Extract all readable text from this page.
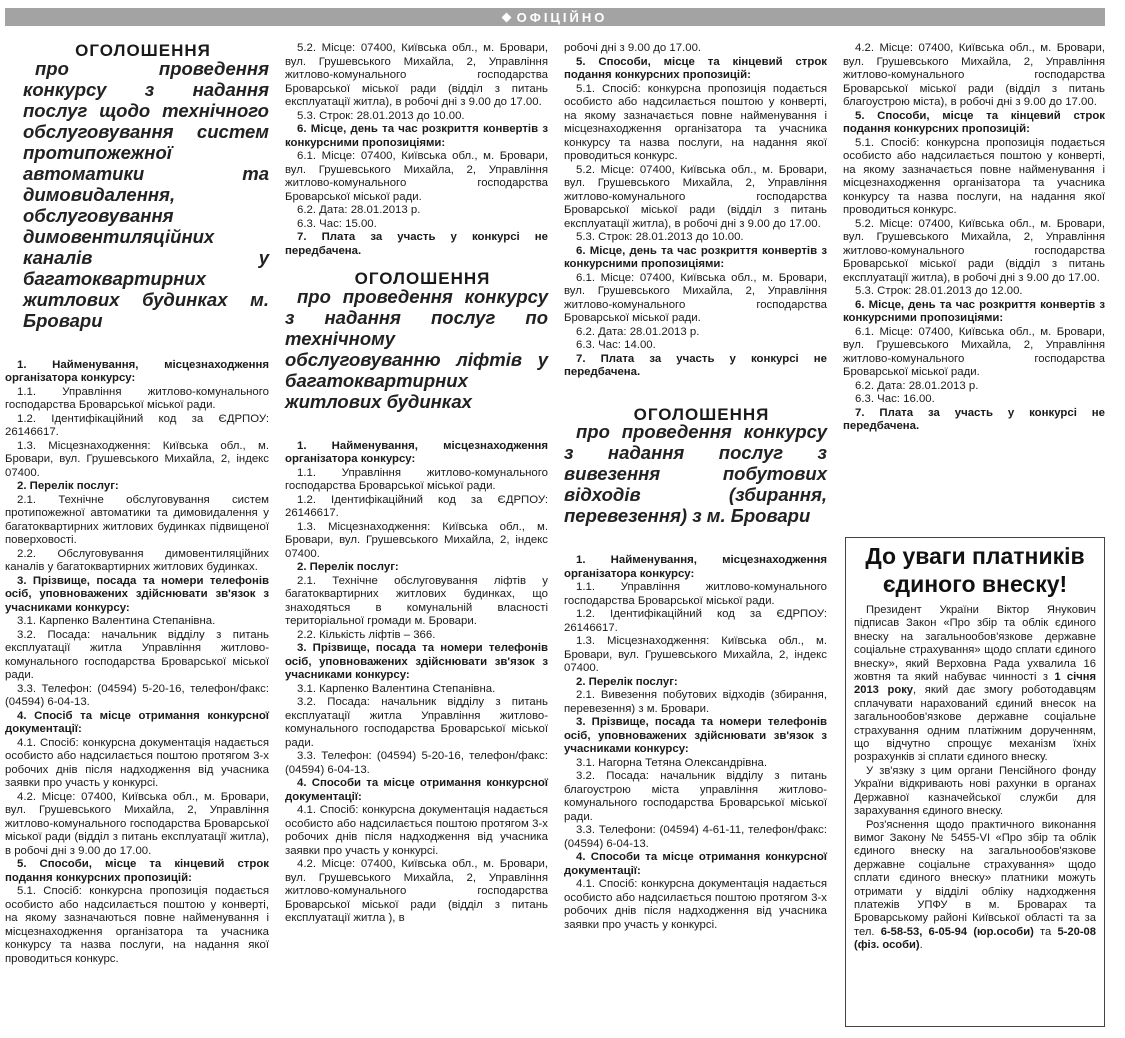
ОФІЦІЙНО

ОГОЛОШЕННЯ

про проведення конкурсу з надання послуг щодо технічного обслуговування систем протипожежної автоматики та димовидалення, обслуговування димовентиляційних каналів у багатоквартирних житлових будинках м. Бровари

1. Найменування, місцезнаходження організатора конкурсу:

1.1. Управління житлово-комунального господарства Броварської міської ради.

1.2. Ідентифікаційний код за ЄДРПОУ: 26146617.

1.3. Місцезнаходження: Київська обл., м. Бровари, вул. Грушевського Михайла, 2, індекс 07400.

2. Перелік послуг:

2.1. Технічне обслуговування систем протипожежної автоматики та димовидалення у багатоквартирних житлових будинках підвищеної поверховості.

2.2. Обслуговування димовентиляційних каналів у багатоквартирних житлових будинках.

3. Прізвище, посада та номери телефонів осіб, уповноважених здійснювати зв'язок з учасниками конкурсу:

3.1. Карпенко Валентина Степанівна.

3.2. Посада: начальник відділу з питань експлуатації житла Управління житлово-комунального господарства Броварської міської ради.

3.3. Телефон: (04594) 5-20-16, телефон/факс: (04594) 6-04-13.

4. Спосіб та місце отримання конкурсної документації:

4.1. Спосіб: конкурсна документація надається особисто або надсилається поштою протягом 3-х робочих днів після надходження від учасника заявки про участь у конкурсі.

4.2. Місце: 07400, Київська обл., м. Бровари, вул. Грушевського Михайла, 2, Управління житлово-комунального господарства Броварської міської ради (відділ з питань експлуатації житла), в робочі дні з 9.00 до 17.00.

5. Способи, місце та кінцевий строк подання конкурсних пропозицій:

5.1. Спосіб: конкурсна пропозиція подається особисто або надсилається поштою у конверті, на якому зазначаються повне найменування і місцезнаходження організатора та учасника конкурсу та назва послуги, на надання якої проводиться конкурс.

5.2. Місце: 07400, Київська обл., м. Бровари, вул. Грушевського Михайла, 2, Управління житлово-комунального господарства Броварської міської ради (відділ з питань експлуатації житла), в робочі дні з 9.00 до 17.00.

5.3. Строк: 28.01.2013 до 10.00.

6. Місце, день та час розкриття конвертів з конкурсними пропозиціями:

6.1. Місце: 07400, Київська обл., м. Бровари, вул. Грушевського Михайла, 2, Управління житлово-комунального господарства Броварської міської ради.

6.2. Дата: 28.01.2013 р.

6.3. Час: 15.00.

7. Плата за участь у конкурсі не передбачена.

ОГОЛОШЕННЯ

про проведення конкурсу з надання послуг по технічному обслуговуванню ліфтів у багатоквартирних житлових будинках

1. Найменування, місцезнаходження організатора конкурсу:

1.1. Управління житлово-комунального господарства Броварської міської ради.

1.2. Ідентифікаційний код за ЄДРПОУ: 26146617.

1.3. Місцезнаходження: Київська обл., м. Бровари, вул. Грушевського Михайла, 2, індекс 07400.

2. Перелік послуг:

2.1. Технічне обслуговування ліфтів у багатоквартирних житлових будинках, що знаходяться в комунальній власності територіальної громади м. Бровари.

2.2. Кількість ліфтів – 366.

3. Прізвище, посада та номери телефонів осіб, уповноважених здійснювати зв'язок з учасниками конкурсу:

3.1. Карпенко Валентина Степанівна.

3.2. Посада: начальник відділу з питань експлуатації житла Управління житлово-комунального господарства Броварської міської ради.

3.3. Телефон: (04594) 5-20-16, телефон/факс: (04594) 6-04-13.

4. Способи та місце отримання конкурсної документації:

4.1. Спосіб: конкурсна документація надається особисто або надсилається поштою протягом 3-х робочих днів після надходження від учасника заявки про участь у конкурсі.

4.2. Місце: 07400, Київська обл., м. Бровари, вул. Грушевського Михайла, 2, Управління житлово-комунального господарства Броварської міської ради (відділ з питань експлуатації житла ), в

робочі дні з 9.00 до 17.00.

5. Способи, місце та кінцевий строк подання конкурсних пропозицій:

5.1. Спосіб: конкурсна пропозиція подається особисто або надсилається поштою у конверті, на якому зазначається повне найменування і місцезнаходження організатора та учасника конкурсу та назва послуги, на надання якої проводиться конкурс.

5.2. Місце: 07400, Київська обл., м. Бровари, вул. Грушевського Михайла, 2, Управління житлово-комунального господарства Броварської міської ради (відділ з питань експлуатації житла), в робочі дні з 9.00 до 17.00.

5.3. Строк: 28.01.2013 до 10.00.

6. Місце, день та час розкриття конвертів з конкурсними пропозиціями:

6.1. Місце: 07400, Київська обл., м. Бровари, вул. Грушевського Михайла, 2, Управління житлово-комунального господарства Броварської міської ради.

6.2. Дата: 28.01.2013 р.

6.3. Час: 14.00.

7. Плата за участь у конкурсі не передбачена.

ОГОЛОШЕННЯ

про проведення конкурсу з надання послуг з вивезення побутових відходів (збирання, перевезення) з м. Бровари

1. Найменування, місцезнаходження організатора конкурсу:

1.1. Управління житлово-комунального господарства Броварської міської ради.

1.2. Ідентифікаційний код за ЄДРПОУ: 26146617.

1.3. Місцезнаходження: Київська обл., м. Бровари, вул. Грушевського Михайла, 2, індекс 07400.

2. Перелік послуг:

2.1. Вивезення побутових відходів (збирання, перевезення) з м. Бровари.

3. Прізвище, посада та номери телефонів осіб, уповноважених здійснювати зв'язок з учасниками конкурсу:

3.1. Нагорна Тетяна Олександрівна.

3.2. Посада: начальник відділу з питань благоустрою міста управління житлово-комунального господарства Броварської міської ради.

3.3. Телефони: (04594) 4-61-11, телефон/факс: (04594) 6-04-13.

4. Способи та місце отримання конкурсної документації:

4.1. Спосіб: конкурсна документація надається особисто або надсилається поштою протягом 3-х робочих днів після надходження від учасника заявки про участь у конкурсі.

4.2. Місце: 07400, Київська обл., м. Бровари, вул. Грушевського Михайла, 2, Управління житлово-комунального господарства Броварської міської ради (відділ з питань благоустрою міста), в робочі дні з 9.00 до 17.00.

5. Способи, місце та кінцевий строк подання конкурсних пропозицій:

5.1. Спосіб: конкурсна пропозиція подається особисто або надсилається поштою у конверті, на якому зазначається повне найменування і місцезнаходження організатора та учасника конкурсу та назва послуги, на надання якої проводиться конкурс.

5.2. Місце: 07400, Київська обл., м. Бровари, вул. Грушевського Михайла, 2, Управління житлово-комунального господарства Броварської міської ради (відділ з питань експлуатації житла), в робочі дні з 9.00 до 17.00.

5.3. Строк: 28.01.2013 до 12.00.

6. Місце, день та час розкриття конвертів з конкурсними пропозиціями:

6.1. Місце: 07400, Київська обл., м. Бровари, вул. Грушевського Михайла, 2, Управління житлово-комунального господарства Броварської міської ради.

6.2. Дата: 28.01.2013 р.

6.3. Час: 16.00.

7. Плата за участь у конкурсі не передбачена.

До уваги платників єдиного внеску!

Президент України Віктор Янукович підписав Закон «Про збір та облік єдиного внеску на загальнообов'язкове державне соціальне страхування» щодо сплати єдиного внеску», який Верховна Рада ухвалила 16 жовтня та який набуває чинності з 1 січня 2013 року, який дає змогу роботодавцям сплачувати нарахований єдиний внесок на загальнообов'язкове державне соціальне страхування одним платіжним дорученням, що відчутно спрощує механізм їхніх розрахунків зі сплати єдиного внеску.

У зв'язку з цим органи Пенсійного фонду України відкривають нові рахунки в органах Державної казначейської служби для зарахування єдиного внеску.

Роз'яснення щодо практичного виконання вимог Закону № 5455-VI «Про збір та облік єдиного внеску на загальнообов'язкове державне соціальне страхування» щодо сплати єдиного внеску» платники можуть отримати у відділі обліку надходження платежів УПФУ в м. Броварах та Броварському районі Київської області та за тел. 6-58-53, 6-05-94 (юр.особи) та 5-20-08 (фіз. особи).
